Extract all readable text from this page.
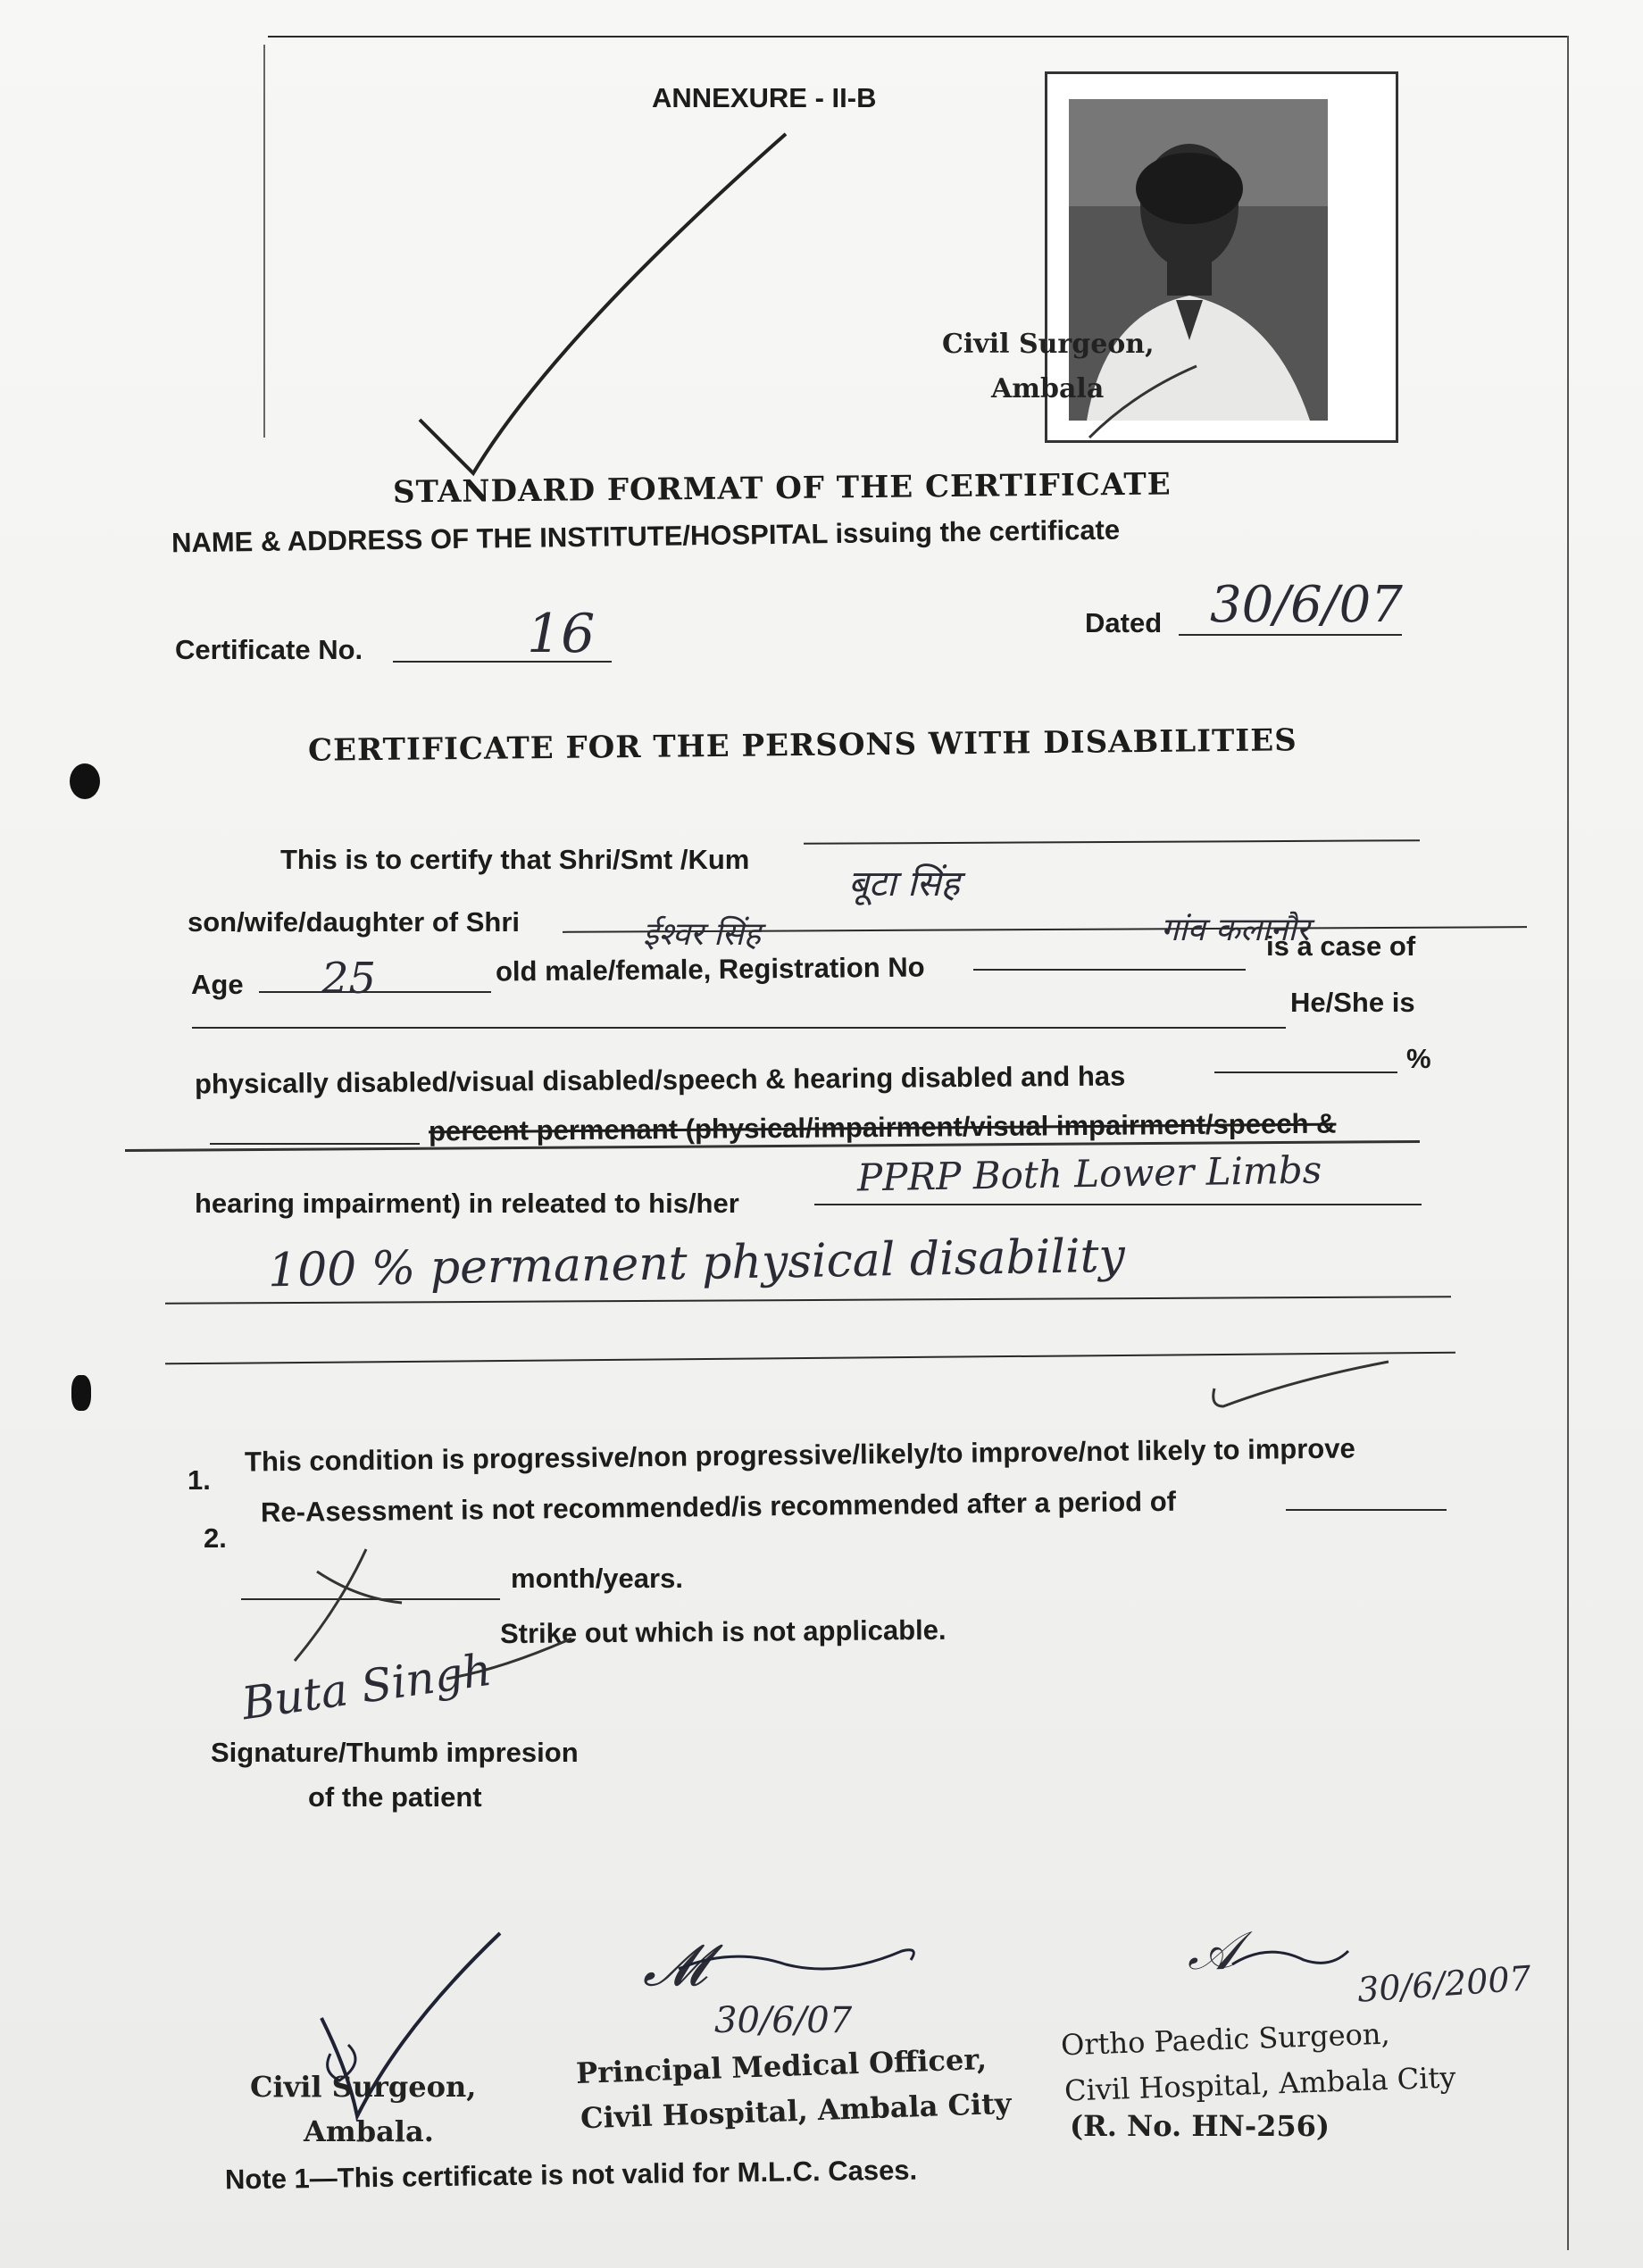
ANNEXURE - II-B
Civil Surgeon,
Ambala
STANDARD FORMAT OF THE CERTIFICATE
NAME & ADDRESS OF THE INSTITUTE/HOSPITAL issuing the certificate
Certificate No.	16	Dated 30/6/07
CERTIFICATE FOR THE PERSONS WITH DISABILITIES
This is to certify that Shri/Smt /Kum
बूटा सिंह
son/wife/daughter of Shri	ईश्वर सिंह	गांव कलानौर
Age 25	old male/female, Registration No
is a case of
He/She is
physically disabled/visual disabled/speech & hearing disabled and has
%
percent permenant (physical/impairment/visual impairment/speech &
hearing impairment) in releated to his/her
PPRP Both Lower Limbs
100 % permanent physical disability
1.
This condition is progressive/non progressive/likely/to improve/not likely to improve
2.
Re-Asessment is not recommended/is recommended after a period of
month/years.
Strike out which is not applicable.
Buta Singh
Signature/Thumb impresion
of the patient
Civil Surgeon,
Ambala.
𝓜
30/6/07
Principal Medical Officer,
Civil Hospital, Ambala City
𝒜
30/6/2007
Ortho Paedic Surgeon,
Civil Hospital, Ambala City
(R. No. HN-256)
Note 1—This certificate is not valid for M.L.C. Cases.
